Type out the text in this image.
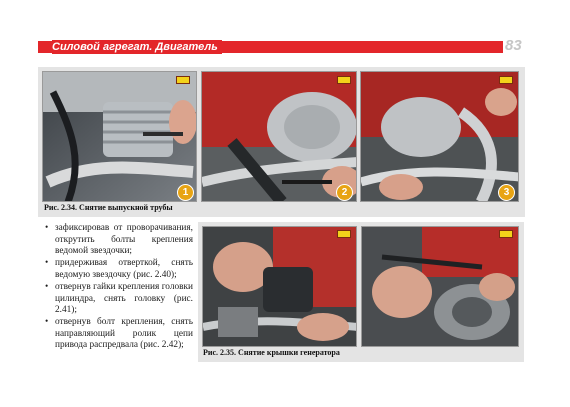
Силовой агрегат. Двигатель	83
1	2	3
Рис. 2.34. Снятие выпускной трубы
• зафиксировав от проворачивания, открутить болты крепления ведомой звездочки;
• придерживая отверткой, снять ведомую звездочку (рис. 2.40);
• отвернув гайки крепления головки цилиндра, снять головку (рис. 2.41);
• отвернув болт крепления, снять направляющий ролик цепи привода распредвала (рис. 2.42);
Рис. 2.35. Снятие крышки генератора
